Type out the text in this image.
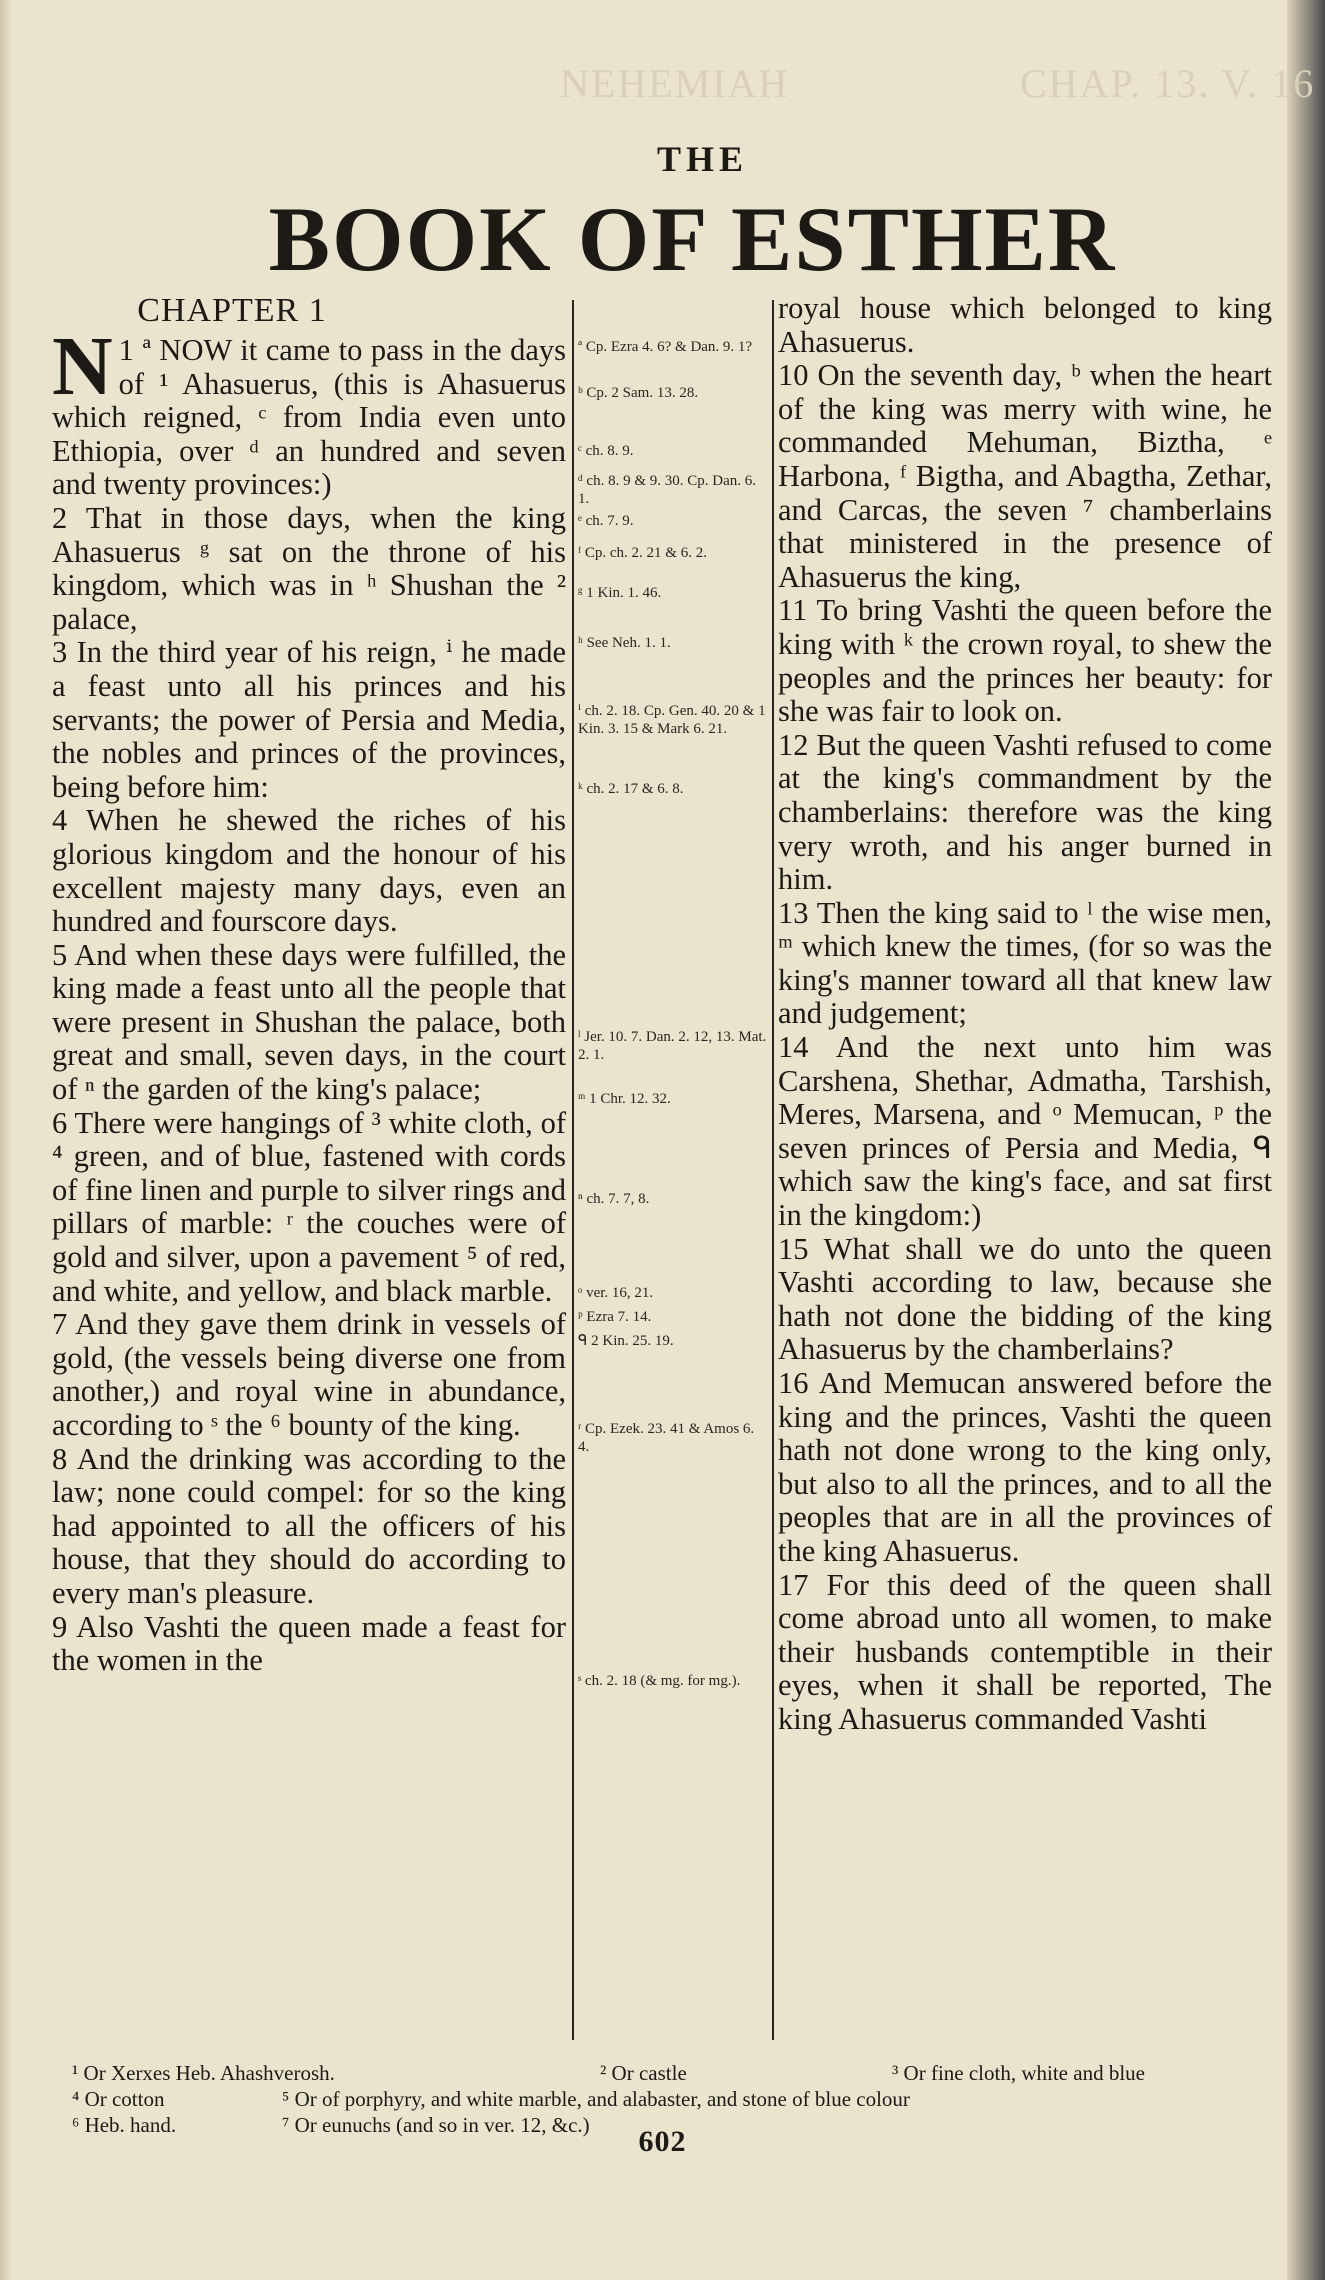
NEHEMIAH	CHAP. 13. V. 16
THE
BOOK OF ESTHER
CHAPTER 1

N 1 ª NOW it came to pass in the days of ¹ Ahasuerus, (this is Ahasuerus which reigned, ᶜ from India even unto Ethiopia, over ᵈ an hundred and seven and twenty provinces:)

2 That in those days, when the king Ahasuerus ᵍ sat on the throne of his kingdom, which was in ʰ Shushan the ² palace,

3 In the third year of his reign, ⁱ he made a feast unto all his princes and his servants; the power of Persia and Media, the nobles and princes of the provinces, being before him:

4 When he shewed the riches of his glorious kingdom and the honour of his excellent majesty many days, even an hundred and fourscore days.

5 And when these days were fulfilled, the king made a feast unto all the people that were present in Shushan the palace, both great and small, seven days, in the court of ⁿ the garden of the king's palace;

6 There were hangings of ³ white cloth, of ⁴ green, and of blue, fastened with cords of fine linen and purple to silver rings and pillars of marble: ʳ the couches were of gold and silver, upon a pavement ⁵ of red, and white, and yellow, and black marble.

7 And they gave them drink in vessels of gold, (the vessels being diverse one from another,) and royal wine in abundance, according to ˢ the ⁶ bounty of the king.

8 And the drinking was according to the law; none could compel: for so the king had appointed to all the officers of his house, that they should do according to every man's pleasure.

9 Also Vashti the queen made a feast for the women in the

ª Cp. Ezra 4. 6? & Dan. 9. 1?
ᵇ Cp. 2 Sam. 13. 28.
ᶜ ch. 8. 9.
ᵈ ch. 8. 9 & 9. 30. Cp. Dan. 6. 1.
ᵉ ch. 7. 9.
ᶠ Cp. ch. 2. 21 & 6. 2.
ᵍ 1 Kin. 1. 46.
ʰ See Neh. 1. 1.
ⁱ ch. 2. 18. Cp. Gen. 40. 20 & 1 Kin. 3. 15 & Mark 6. 21.
ᵏ ch. 2. 17 & 6. 8.
ˡ Jer. 10. 7. Dan. 2. 12, 13. Mat. 2. 1.
ᵐ 1 Chr. 12. 32.
ⁿ ch. 7. 7, 8.
ᵒ ver. 16, 21.
ᵖ Ezra 7. 14.
ᑫ 2 Kin. 25. 19.
ʳ Cp. Ezek. 23. 41 & Amos 6. 4.
ˢ ch. 2. 18 (& mg. for mg.).

royal house which belonged to king Ahasuerus.

10 On the seventh day, ᵇ when the heart of the king was merry with wine, he commanded Mehuman, Biztha, ᵉ Harbona, ᶠ Bigtha, and Abagtha, Zethar, and Carcas, the seven ⁷ chamberlains that ministered in the presence of Ahasuerus the king,

11 To bring Vashti the queen before the king with ᵏ the crown royal, to shew the peoples and the princes her beauty: for she was fair to look on.

12 But the queen Vashti refused to come at the king's commandment by the chamberlains: therefore was the king very wroth, and his anger burned in him.

13 Then the king said to ˡ the wise men, ᵐ which knew the times, (for so was the king's manner toward all that knew law and judgement;

14 And the next unto him was Carshena, Shethar, Admatha, Tarshish, Meres, Marsena, and ᵒ Memucan, ᵖ the seven princes of Persia and Media, ᑫ which saw the king's face, and sat first in the kingdom:)

15 What shall we do unto the queen Vashti according to law, because she hath not done the bidding of the king Ahasuerus by the chamberlains?

16 And Memucan answered before the king and the princes, Vashti the queen hath not done wrong to the king only, but also to all the princes, and to all the peoples that are in all the provinces of the king Ahasuerus.

17 For this deed of the queen shall come abroad unto all women, to make their husbands contemptible in their eyes, when it shall be reported, The king Ahasuerus commanded Vashti

¹ Or Xerxes Heb. Ahashverosh.	² Or castle	³ Or fine cloth, white and blue
⁴ Or cotton	⁵ Or of porphyry, and white marble, and alabaster, and stone of blue colour
⁶ Heb. hand.	⁷ Or eunuchs (and so in ver. 12, &c.)	602
